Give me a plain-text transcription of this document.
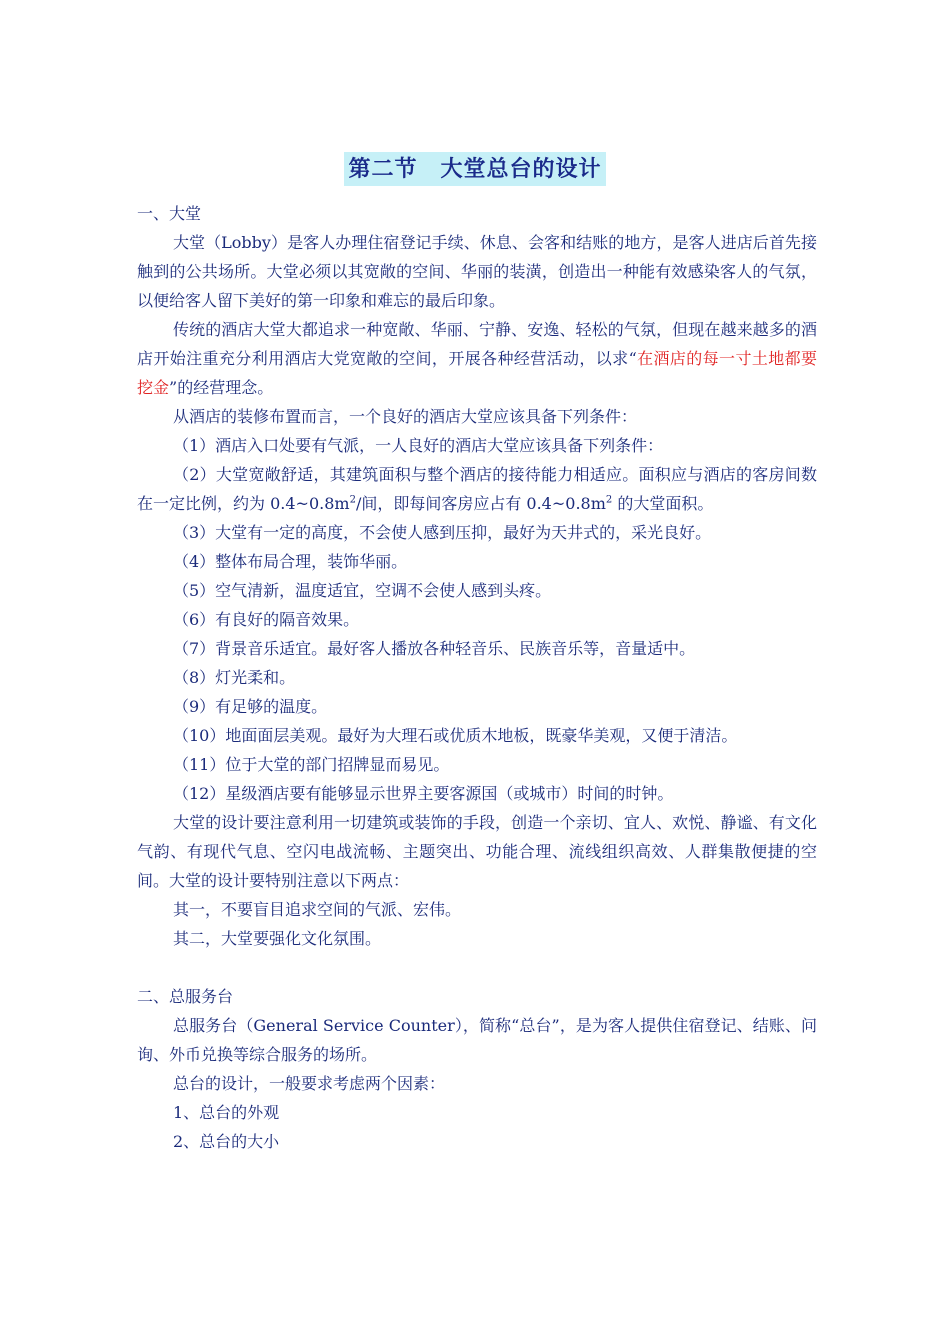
第二节　大堂总台的设计

一、大堂

大堂（Lobby）是客人办理住宿登记手续、休息、会客和结账的地方，是客人进店后首先接触到的公共场所。大堂必须以其宽敞的空间、华丽的装潢，创造出一种能有效感染客人的气氛，以便给客人留下美好的第一印象和难忘的最后印象。

传统的酒店大堂大都追求一种宽敞、华丽、宁静、安逸、轻松的气氛，但现在越来越多的酒店开始注重充分利用酒店大党宽敞的空间，开展各种经营活动，以求“在酒店的每一寸土地都要挖金”的经营理念。

从酒店的装修布置而言，一个良好的酒店大堂应该具备下列条件：

（1）酒店入口处要有气派，一人良好的酒店大堂应该具备下列条件：

（2）大堂宽敞舒适，其建筑面积与整个酒店的接待能力相适应。面积应与酒店的客房间数在一定比例，约为 $0.4\sim 0.8m^2/$间，即每间客房应占有 $0.4\sim 0.8m^2$ 的大堂面积。

（3）大堂有一定的高度，不会使人感到压抑，最好为天井式的，采光良好。

（4）整体布局合理，装饰华丽。

（5）空气清新，温度适宜，空调不会使人感到头疼。

（6）有良好的隔音效果。

（7）背景音乐适宜。最好客人播放各种轻音乐、民族音乐等，音量适中。

（8）灯光柔和。

（9）有足够的温度。

（10）地面面层美观。最好为大理石或优质木地板，既豪华美观，又便于清洁。

（11）位于大堂的部门招牌显而易见。

（12）星级酒店要有能够显示世界主要客源国（或城市）时间的时钟。

大堂的设计要注意利用一切建筑或装饰的手段，创造一个亲切、宜人、欢悦、静谧、有文化气韵、有现代气息、空闪电战流畅、主题突出、功能合理、流线组织高效、人群集散便捷的空间。大堂的设计要特别注意以下两点：

其一，不要盲目追求空间的气派、宏伟。

其二，大堂要强化文化氛围。

二、总服务台

总服务台（General Service Counter），简称“总台”，是为客人提供住宿登记、结账、问询、外币兑换等综合服务的场所。

总台的设计，一般要求考虑两个因素：

1、总台的外观

2、总台的大小
